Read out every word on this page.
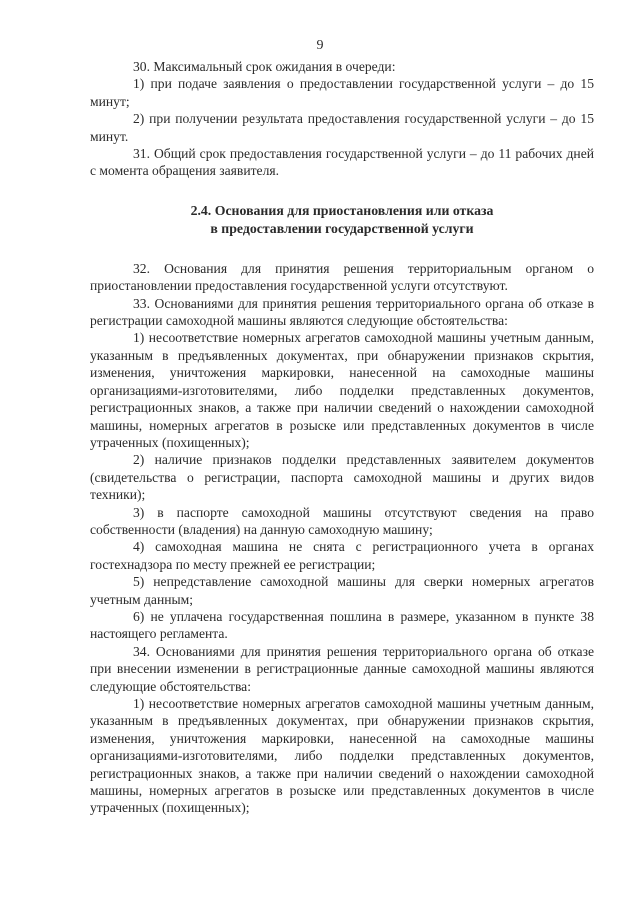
9

30. Максимальный срок ожидания в очереди:

1) при подаче заявления о предоставлении государственной услуги – до 15 минут;

2) при получении результата предоставления государственной услуги – до 15 минут.

31. Общий срок предоставления государственной услуги – до 11 рабочих дней с момента обращения заявителя.

2.4. Основания для приостановления или отказа
в предоставлении государственной услуги

32. Основания для принятия решения территориальным органом о приостановлении предоставления государственной услуги отсутствуют.

33. Основаниями для принятия решения территориального органа об отказе в регистрации самоходной машины являются следующие обстоятельства:

1) несоответствие номерных агрегатов самоходной машины учетным данным, указанным в предъявленных документах, при обнаружении признаков скрытия, изменения, уничтожения маркировки, нанесенной на самоходные машины организациями-изготовителями, либо подделки представленных документов, регистрационных знаков, а также при наличии сведений о нахождении самоходной машины, номерных агрегатов в розыске или представленных документов в числе утраченных (похищенных);

2) наличие признаков подделки представленных заявителем документов (свидетельства о регистрации, паспорта самоходной машины и других видов техники);

3) в паспорте самоходной машины отсутствуют сведения на право собственности (владения) на данную самоходную машину;

4) самоходная машина не снята с регистрационного учета в органах гостехнадзора по месту прежней ее регистрации;

5) непредставление самоходной машины для сверки номерных агрегатов учетным данным;

6) не уплачена государственная пошлина в размере, указанном в пункте 38 настоящего регламента.

34. Основаниями для принятия решения территориального органа об отказе при внесении изменении в регистрационные данные самоходной машины являются следующие обстоятельства:

1) несоответствие номерных агрегатов самоходной машины учетным данным, указанным в предъявленных документах, при обнаружении признаков скрытия, изменения, уничтожения маркировки, нанесенной на самоходные машины организациями-изготовителями, либо подделки представленных документов, регистрационных знаков, а также при наличии сведений о нахождении самоходной машины, номерных агрегатов в розыске или представленных документов в числе утраченных (похищенных);
